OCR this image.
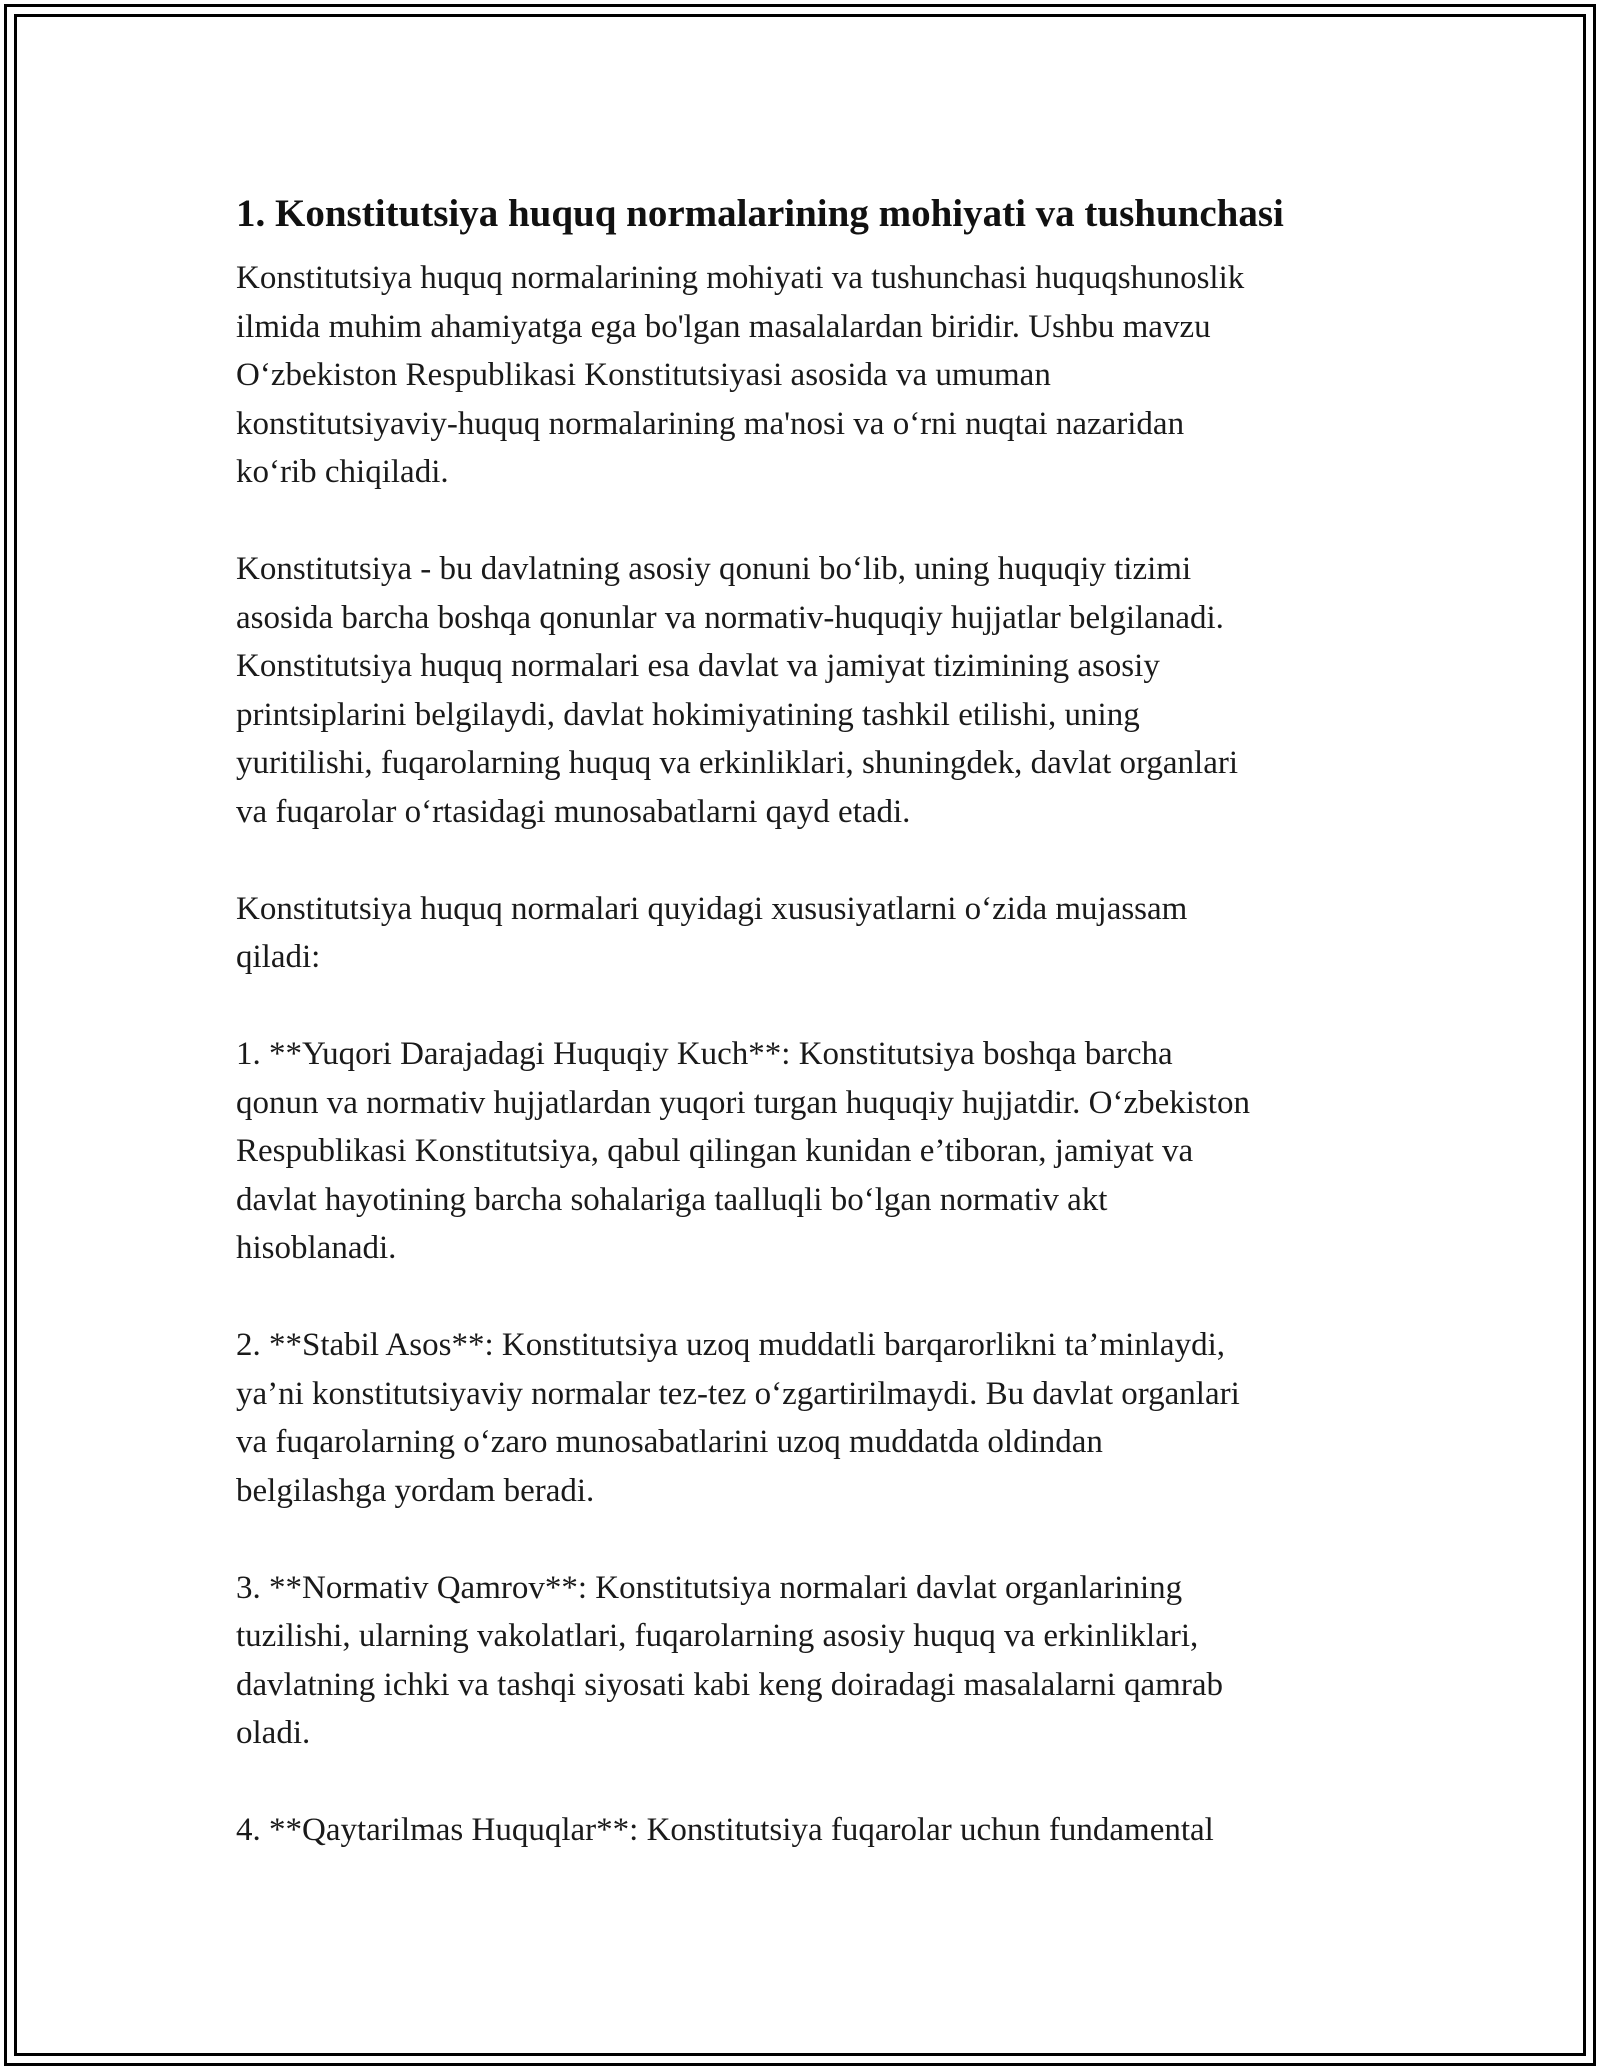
1. Konstitutsiya huquq normalarining mohiyati va tushunchasi

Konstitutsiya huquq normalarining mohiyati va tushunchasi huquqshunoslik
ilmida muhim ahamiyatga ega bo'lgan masalalardan biridir. Ushbu mavzu
O‘zbekiston Respublikasi Konstitutsiyasi asosida va umuman
konstitutsiyaviy-huquq normalarining ma'nosi va o‘rni nuqtai nazaridan
ko‘rib chiqiladi.

Konstitutsiya - bu davlatning asosiy qonuni bo‘lib, uning huquqiy tizimi
asosida barcha boshqa qonunlar va normativ-huquqiy hujjatlar belgilanadi.
Konstitutsiya huquq normalari esa davlat va jamiyat tizimining asosiy
printsiplarini belgilaydi, davlat hokimiyatining tashkil etilishi, uning
yuritilishi, fuqarolarning huquq va erkinliklari, shuningdek, davlat organlari
va fuqarolar o‘rtasidagi munosabatlarni qayd etadi.

Konstitutsiya huquq normalari quyidagi xususiyatlarni o‘zida mujassam
qiladi:

1. **Yuqori Darajadagi Huquqiy Kuch**: Konstitutsiya boshqa barcha
qonun va normativ hujjatlardan yuqori turgan huquqiy hujjatdir. O‘zbekiston
Respublikasi Konstitutsiya, qabul qilingan kunidan e’tiboran, jamiyat va
davlat hayotining barcha sohalariga taalluqli bo‘lgan normativ akt
hisoblanadi.

2. **Stabil Asos**: Konstitutsiya uzoq muddatli barqarorlikni ta’minlaydi,
ya’ni konstitutsiyaviy normalar tez-tez o‘zgartirilmaydi. Bu davlat organlari
va fuqarolarning o‘zaro munosabatlarini uzoq muddatda oldindan
belgilashga yordam beradi.

3. **Normativ Qamrov**: Konstitutsiya normalari davlat organlarining
tuzilishi, ularning vakolatlari, fuqarolarning asosiy huquq va erkinliklari,
davlatning ichki va tashqi siyosati kabi keng doiradagi masalalarni qamrab
oladi.

4. **Qaytarilmas Huquqlar**: Konstitutsiya fuqarolar uchun fundamental
